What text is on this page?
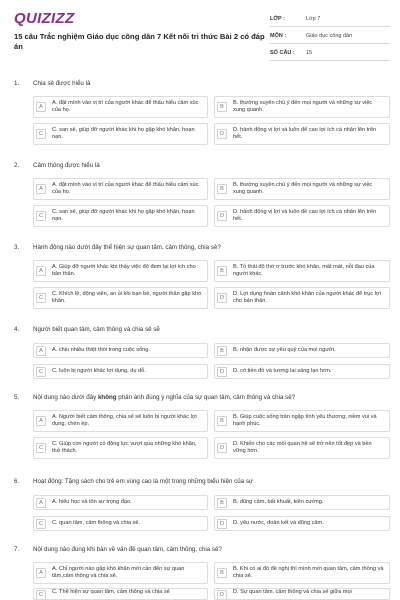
QUIZIZZ
15 câu Trắc nghiệm Giáo dục công dân 7 Kết nối tri thức Bài 2 có đáp án
LỚP :	Lớp 7
MÔN :	Giáo dục công dân
SỐ CÂU :	15
1. Chia sẻ được hiểu là
A
A. đặt mình vào vị trí của người khác để thấu hiểu cảm xúc của họ.	B
B. thường xuyên chú ý đến mọi người và những sự việc xung quanh.
C
C. san sẻ, giúp đỡ người khác khi họ gặp khó khăn, hoạn nạn.	D
D. hành động vị lợi và luôn để cao lợi ích cá nhân lên trên hết.
2. Cảm thông được hiểu là
A
A. đặt mình vào vị trí của người khác để thấu hiểu cảm xúc của họ.	B
B. thường xuyên chú ý đến mọi người và những sự việc xung quanh.
C
C. san sẻ, giúp đỡ người khác khi họ gặp khó khăn, hoạn nạn.	D
D. hành động vị lợi và luôn đề cao lợi ích cá nhân lên trên hết.
3. Hành động nào dưới đây thể hiện sự quan tâm, cảm thông, chia sẻ?
A
A. Giúp đỡ người khác khi thấy việc đó đem lại lợi ích cho bản thân.	B
B. Tỏ thái độ thờ ơ trước khó khăn, mất mát, nỗi đau của người khác.
C
C. Khích lệ, động viên, an ủi khi bạn bè, người thân gặp khó khăn.	D
D. Lợi dụng hoàn cảnh khó khăn của người khác để trục lợi cho bản thân.
4. Người biết quan tâm, cảm thông và chia sẻ sẽ
A	A. chịu nhiều thiệt thòi trong cuộc sống.	B	B. nhận được sự yêu quý của mọi người.
C	C. luôn bị người khác lợi dụng, dụ dỗ.	D	D. có tiền đồ và tương lai sáng lạn hơn.
5. Nội dung nào dưới đây không phản ánh đúng ý nghĩa của sự quan tâm, cảm thông và chia sẻ?
A
A. Người biết cảm thông, chia sẻ sẽ luôn bị người khác lợi dụng, chèn ép.	B
B. Giúp cuộc sống tràn ngập tình yêu thương, niềm vui và hạnh phúc.
C
C. Giúp con người có động lực vượt qua những khó khăn, thử thách.	D
D. Khiến cho các mối quan hệ sẽ trở nên tốt đẹp và bền vững hơn.
6. Hoạt động: Tặng sách cho trẻ em vùng cao là một trong những biểu hiện của sự
A	A. hiếu học và tôn sư trọng đạo.	B	B. dũng cảm, bất khuất, kiên cường.
C	C. quan tâm, cảm thông và chia sẻ.	D	D. yêu nước, đoàn kết và dũng cảm.
7. Nội dung nào đúng khi bàn về vấn đề quan tâm, cảm thông, chia sẻ?
A
A. Chỉ người nào gặp khó khăn mới cần đến sự quan tâm,cảm thông và chia sẻ.	B
B. Khi có ai đó đề nghị thì mình mới quan tâm, cảm thông và chia sẻ.
C	C. Thể hiện sự quan tâm, cảm thông và chia sẻ	D	D. Sự quan tâm, cảm thông và chia sẻ giữa mọi
